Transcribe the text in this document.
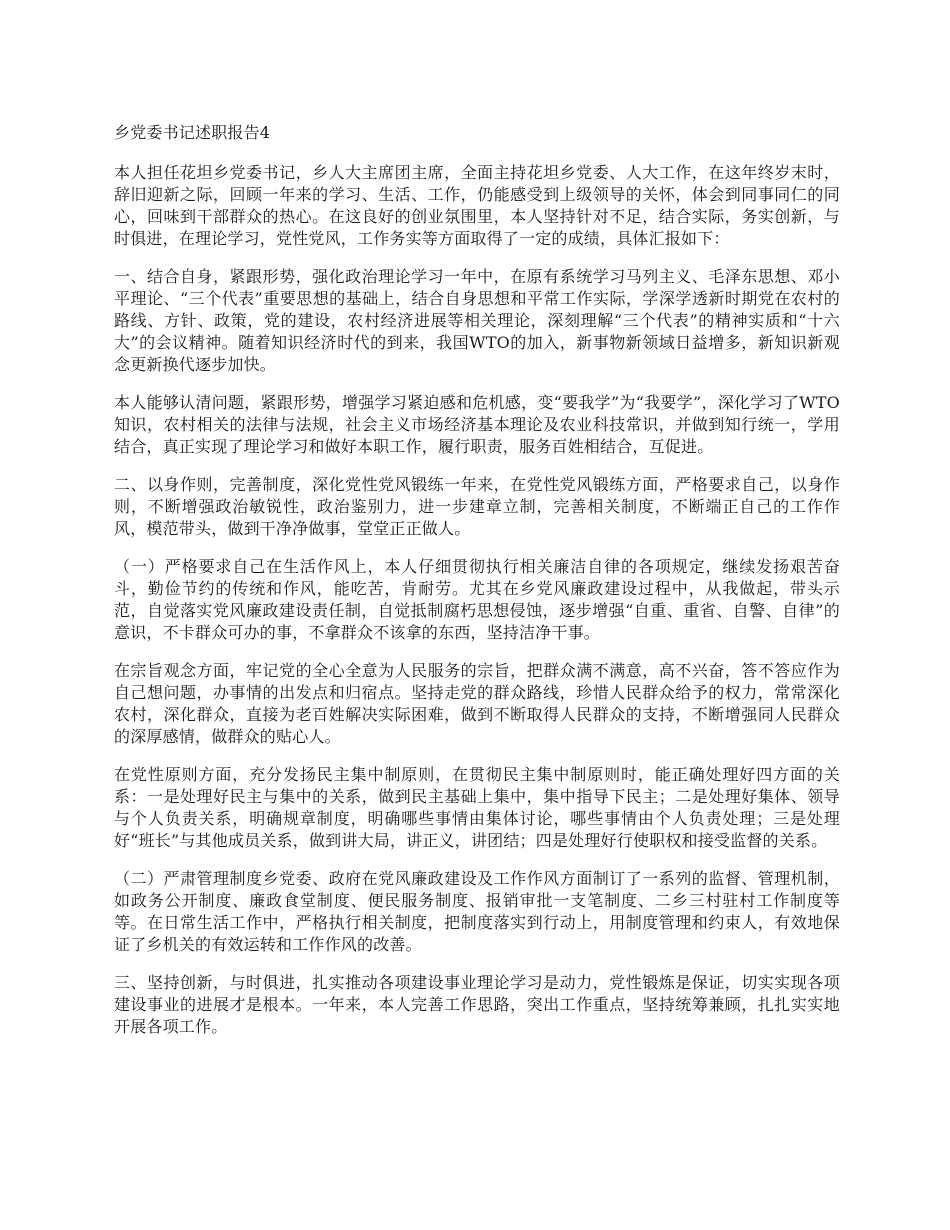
乡党委书记述职报告4

本人担任花坦乡党委书记，乡人大主席团主席，全面主持花坦乡党委、人大工作，在这年终岁末时，辞旧迎新之际，回顾一年来的学习、生活、工作，仍能感受到上级领导的关怀，体会到同事同仁的同心，回味到干部群众的热心。在这良好的创业氛围里，本人坚持针对不足，结合实际，务实创新，与时俱进，在理论学习，党性党风，工作务实等方面取得了一定的成绩，具体汇报如下：

一、结合自身，紧跟形势，强化政治理论学习一年中，在原有系统学习马列主义、毛泽东思想、邓小平理论、“三个代表”重要思想的基础上，结合自身思想和平常工作实际，学深学透新时期党在农村的路线、方针、政策，党的建设，农村经济进展等相关理论，深刻理解“三个代表”的精神实质和“十六大”的会议精神。随着知识经济时代的到来，我国WTO的加入，新事物新领域日益增多，新知识新观念更新换代逐步加快。

本人能够认清问题，紧跟形势，增强学习紧迫感和危机感，变“要我学”为“我要学”，深化学习了WTO知识，农村相关的法律与法规，社会主义市场经济基本理论及农业科技常识，并做到知行统一，学用结合，真正实现了理论学习和做好本职工作，履行职责，服务百姓相结合，互促进。

二、以身作则，完善制度，深化党性党风锻练一年来，在党性党风锻练方面，严格要求自己，以身作则，不断增强政治敏锐性，政治鉴别力，进一步建章立制，完善相关制度，不断端正自己的工作作风，模范带头，做到干净净做事，堂堂正正做人。

（一）严格要求自己在生活作风上，本人仔细贯彻执行相关廉洁自律的各项规定，继续发扬艰苦奋斗，勤俭节约的传统和作风，能吃苦，肯耐劳。尤其在乡党风廉政建设过程中，从我做起，带头示范，自觉落实党风廉政建设责任制，自觉抵制腐朽思想侵蚀，逐步增强“自重、重省、自警、自律”的意识，不卡群众可办的事，不拿群众不该拿的东西，坚持洁净干事。

在宗旨观念方面，牢记党的全心全意为人民服务的宗旨，把群众满不满意，高不兴奋，答不答应作为自己想问题，办事情的出发点和归宿点。坚持走党的群众路线，珍惜人民群众给予的权力，常常深化农村，深化群众，直接为老百姓解决实际困难，做到不断取得人民群众的支持，不断增强同人民群众的深厚感情，做群众的贴心人。

在党性原则方面，充分发扬民主集中制原则，在贯彻民主集中制原则时，能正确处理好四方面的关系：一是处理好民主与集中的关系，做到民主基础上集中，集中指导下民主；二是处理好集体、领导与个人负责关系，明确规章制度，明确哪些事情由集体讨论，哪些事情由个人负责处理；三是处理好“班长”与其他成员关系，做到讲大局，讲正义，讲团结；四是处理好行使职权和接受监督的关系。

（二）严肃管理制度乡党委、政府在党风廉政建设及工作作风方面制订了一系列的监督、管理机制，如政务公开制度、廉政食堂制度、便民服务制度、报销审批一支笔制度、二乡三村驻村工作制度等等。在日常生活工作中，严格执行相关制度，把制度落实到行动上，用制度管理和约束人，有效地保证了乡机关的有效运转和工作作风的改善。

三、坚持创新，与时俱进，扎实推动各项建设事业理论学习是动力，党性锻炼是保证，切实实现各项建设事业的进展才是根本。一年来，本人完善工作思路，突出工作重点，坚持统筹兼顾，扎扎实实地开展各项工作。
